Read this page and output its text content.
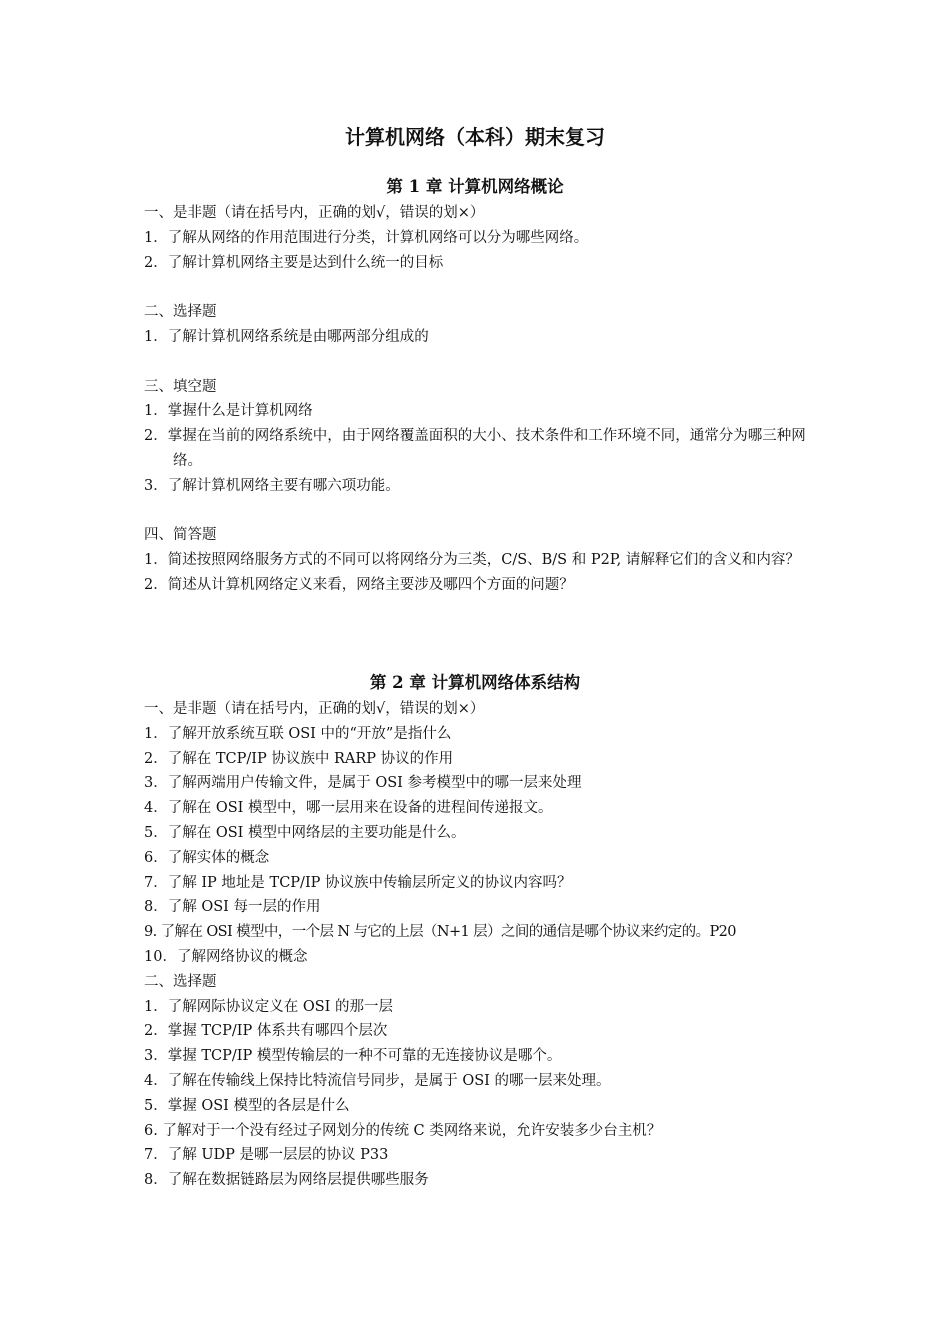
计算机网络（本科）期末复习
第 1 章 计算机网络概论

一、是非题（请在括号内，正确的划√，错误的划×）

1．了解从网络的作用范围进行分类，计算机网络可以分为哪些网络。

2．了解计算机网络主要是达到什么统一的目标

二、选择题

1．了解计算机网络系统是由哪两部分组成的

三、填空题

1．掌握什么是计算机网络

2．掌握在当前的网络系统中，由于网络覆盖面积的大小、技术条件和工作环境不同，通常分为哪三种网络。

3．了解计算机网络主要有哪六项功能。

四、简答题

1．简述按照网络服务方式的不同可以将网络分为三类，C/S、B/S 和 P2P, 请解释它们的含义和内容？

2．简述从计算机网络定义来看，网络主要涉及哪四个方面的问题？

第 2 章 计算机网络体系结构

一、是非题（请在括号内，正确的划√，错误的划×）

1．了解开放系统互联 OSI 中的“开放”是指什么

2．了解在 TCP/IP 协议族中 RARP 协议的作用

3．了解两端用户传输文件，是属于 OSI 参考模型中的哪一层来处理

4．了解在 OSI 模型中，哪一层用来在设备的进程间传递报文。

5．了解在 OSI 模型中网络层的主要功能是什么。

6．了解实体的概念

7．了解 IP 地址是 TCP/IP 协议族中传输层所定义的协议内容吗？

8．了解 OSI 每一层的作用

9. 了解在 OSI 模型中，一个层 N 与它的上层（N+1 层）之间的通信是哪个协议来约定的。P20

10．了解网络协议的概念

二、选择题

1．了解网际协议定义在 OSI 的那一层

2．掌握 TCP/IP 体系共有哪四个层次

3．掌握 TCP/IP 模型传输层的一种不可靠的无连接协议是哪个。

4．了解在传输线上保持比特流信号同步，是属于 OSI 的哪一层来处理。

5．掌握 OSI 模型的各层是什么

6. 了解对于一个没有经过子网划分的传统 C 类网络来说，允许安装多少台主机？

7．了解 UDP 是哪一层层的协议 P33

8．了解在数据链路层为网络层提供哪些服务
